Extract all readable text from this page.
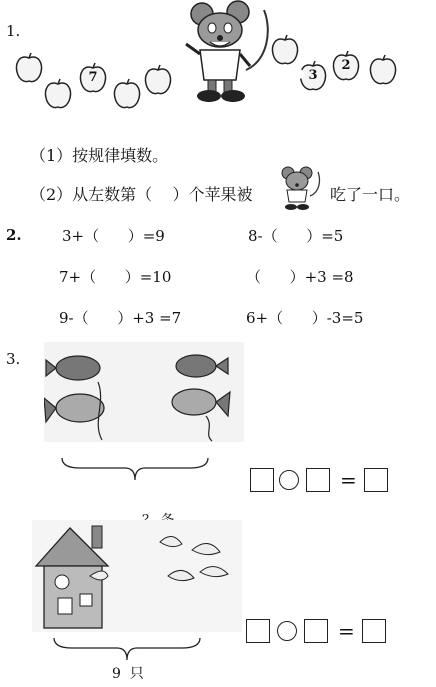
1.
7	3
2
（1）按规律填数。
（2）从左数第（    ）个苹果被	吃了一口。
2.	3+（      ）=9	8-（      ）=5
7+（      ）=10	（      ）+3 =8
9-（      ）+3 =7	6+（      ）-3=5
3.
=
9  只
=
